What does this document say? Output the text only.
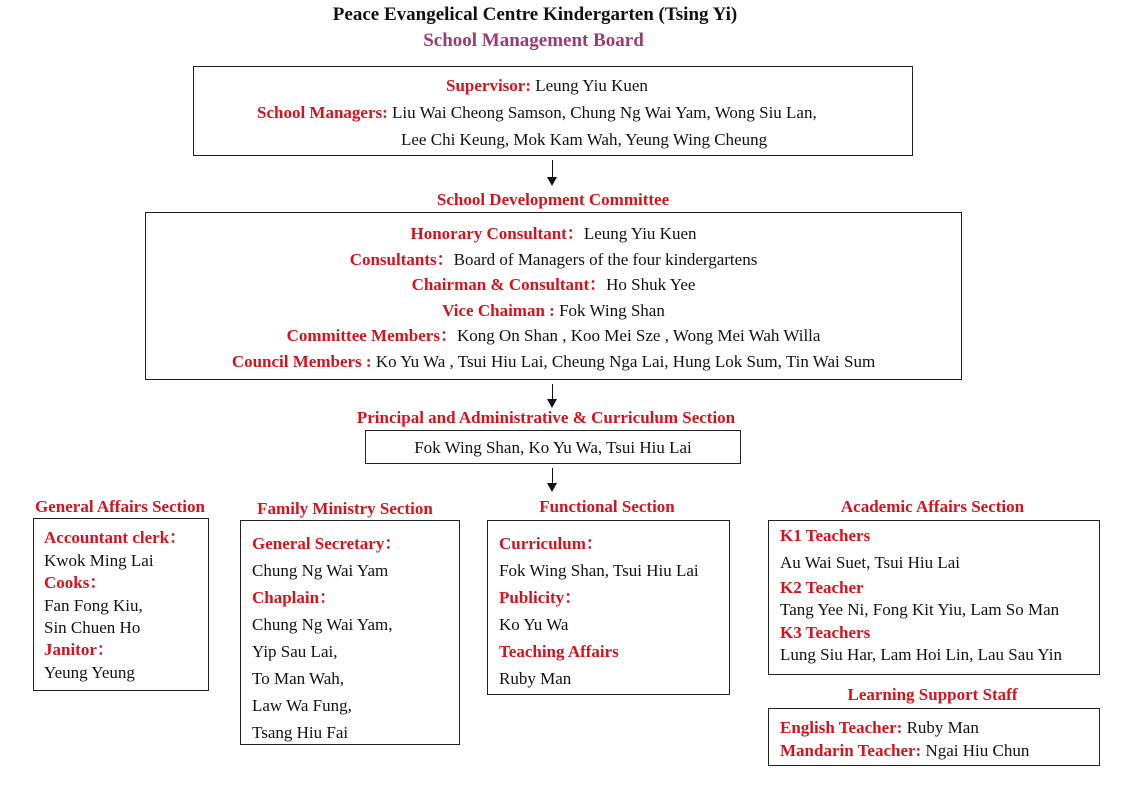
Peace Evangelical Centre Kindergarten (Tsing Yi)
School Management Board
Supervisor: Leung Yiu Kuen
School Managers: Liu Wai Cheong Samson, Chung Ng Wai Yam, Wong Siu Lan,
Lee Chi Keung, Mok Kam Wah, Yeung Wing Cheung
School Development Committee
Honorary Consultant：Leung Yiu Kuen
Consultants：Board of Managers of the four kindergartens
Chairman & Consultant：Ho Shuk Yee
Vice Chaiman : Fok Wing Shan
Committee Members：Kong On Shan , Koo Mei Sze , Wong Mei Wah Willa
Council Members : Ko Yu Wa , Tsui Hiu Lai, Cheung Nga Lai, Hung Lok Sum, Tin Wai Sum
Principal and Administrative & Curriculum Section
Fok Wing Shan, Ko Yu Wa, Tsui Hiu Lai
General Affairs Section
Accountant clerk：
Kwok Ming Lai
Cooks：
Fan Fong Kiu,
Sin Chuen Ho
Janitor：
Yeung Yeung
Family Ministry Section
General Secretary：
Chung Ng Wai Yam
Chaplain：
Chung Ng Wai Yam,
Yip Sau Lai,
To Man Wah,
Law Wa Fung,
Tsang Hiu Fai
Functional Section
Curriculum：
Fok Wing Shan, Tsui Hiu Lai
Publicity：
Ko Yu Wa
Teaching Affairs
Ruby Man
Academic Affairs Section
K1 Teachers
Au Wai Suet, Tsui Hiu Lai
K2 Teacher
Tang Yee Ni, Fong Kit Yiu, Lam So Man
K3 Teachers
Lung Siu Har, Lam Hoi Lin, Lau Sau Yin
Learning Support Staff
English Teacher: Ruby Man
Mandarin Teacher: Ngai Hiu Chun
